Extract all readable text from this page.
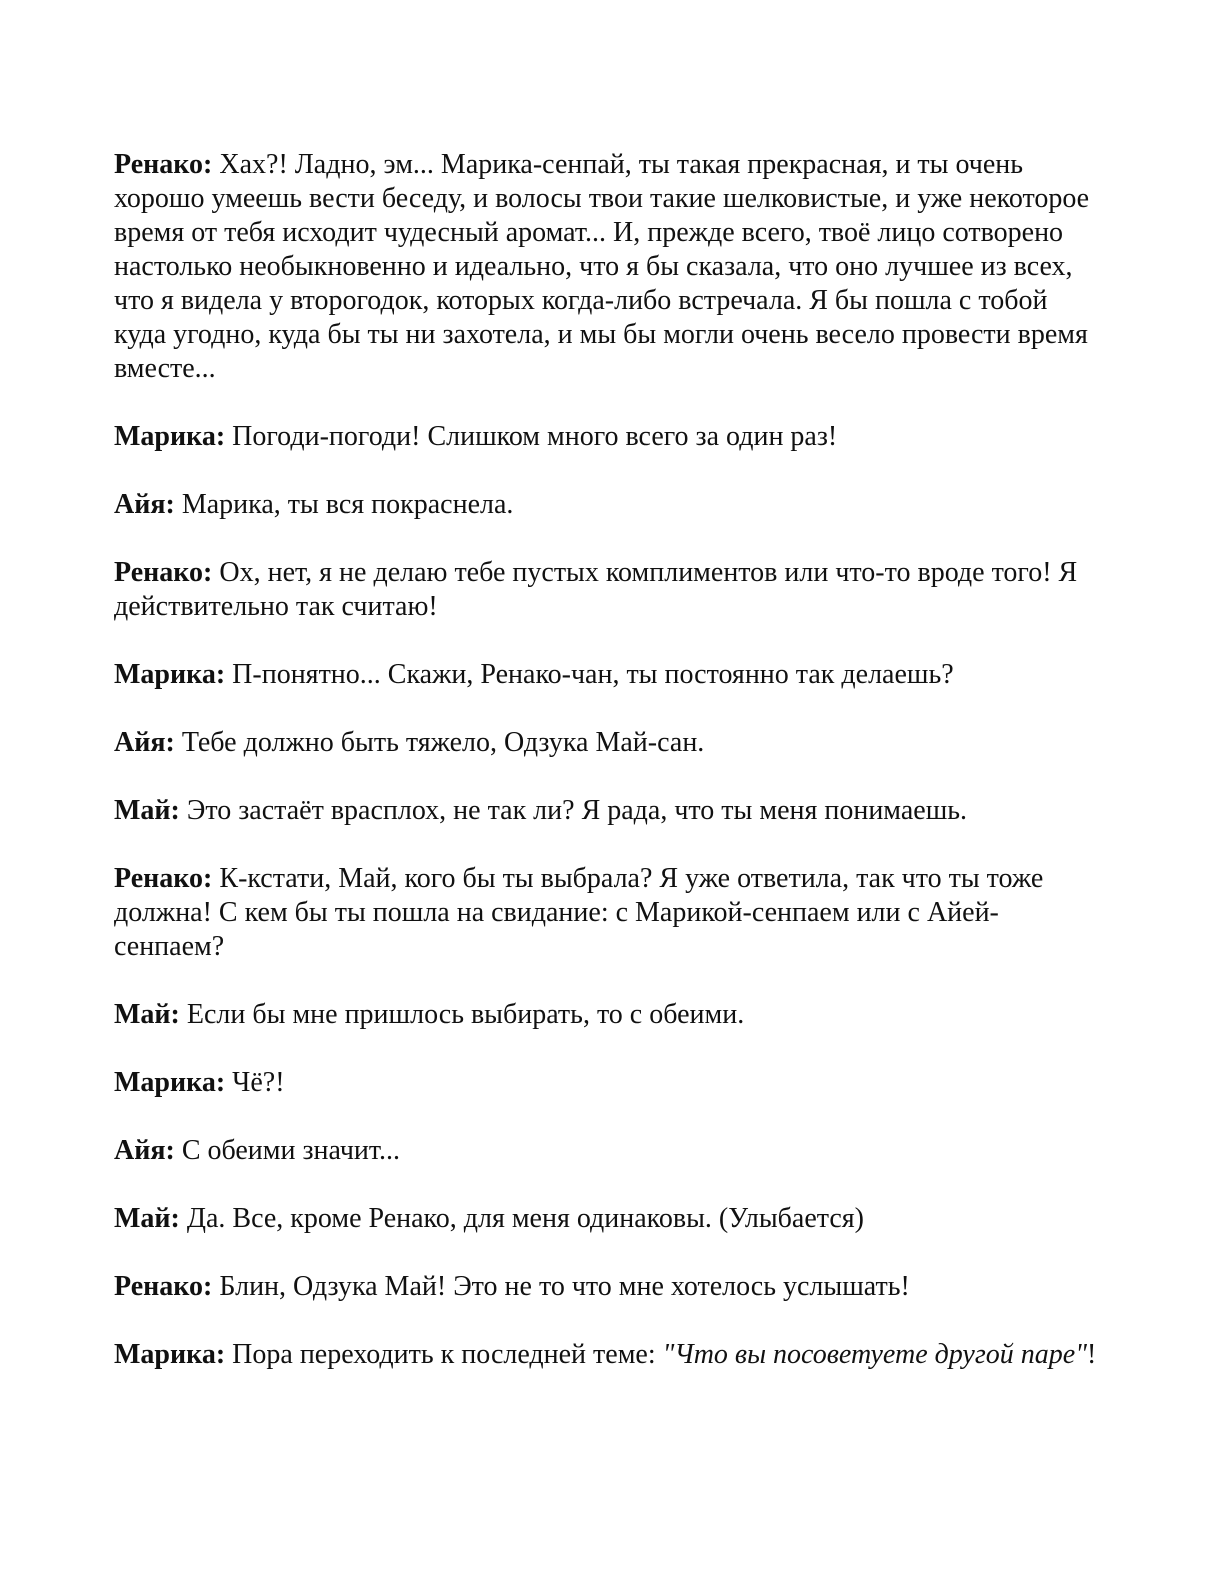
Ренако: Хах?! Ладно, эм... Марика-сенпай, ты такая прекрасная, и ты очень хорошо умеешь вести беседу, и волосы твои такие шелковистые, и уже некоторое время от тебя исходит чудесный аромат... И, прежде всего, твоё лицо сотворено настолько необыкновенно и идеально, что я бы сказала, что оно лучшее из всех, что я видела у второгодок, которых когда-либо встречала. Я бы пошла с тобой куда угодно, куда бы ты ни захотела, и мы бы могли очень весело провести время вместе...

Марика: Погоди-погоди! Слишком много всего за один раз!

Айя: Марика, ты вся покраснела.

Ренако: Ох, нет, я не делаю тебе пустых комплиментов или что-то вроде того! Я действительно так считаю!

Марика: П-понятно... Скажи, Ренако-чан, ты постоянно так делаешь?

Айя: Тебе должно быть тяжело, Одзука Май-сан.

Май: Это застаёт врасплох, не так ли? Я рада, что ты меня понимаешь.

Ренако: К-кстати, Май, кого бы ты выбрала? Я уже ответила, так что ты тоже должна! С кем бы ты пошла на свидание: с Марикой-сенпаем или с Айей-сенпаем?

Май: Если бы мне пришлось выбирать, то с обеими.

Марика: Чё?!

Айя: С обеими значит...

Май: Да. Все, кроме Ренако, для меня одинаковы. (Улыбается)

Ренако: Блин, Одзука Май! Это не то что мне хотелось услышать!

Марика: Пора переходить к последней теме: "Что вы посоветуете другой паре"!
